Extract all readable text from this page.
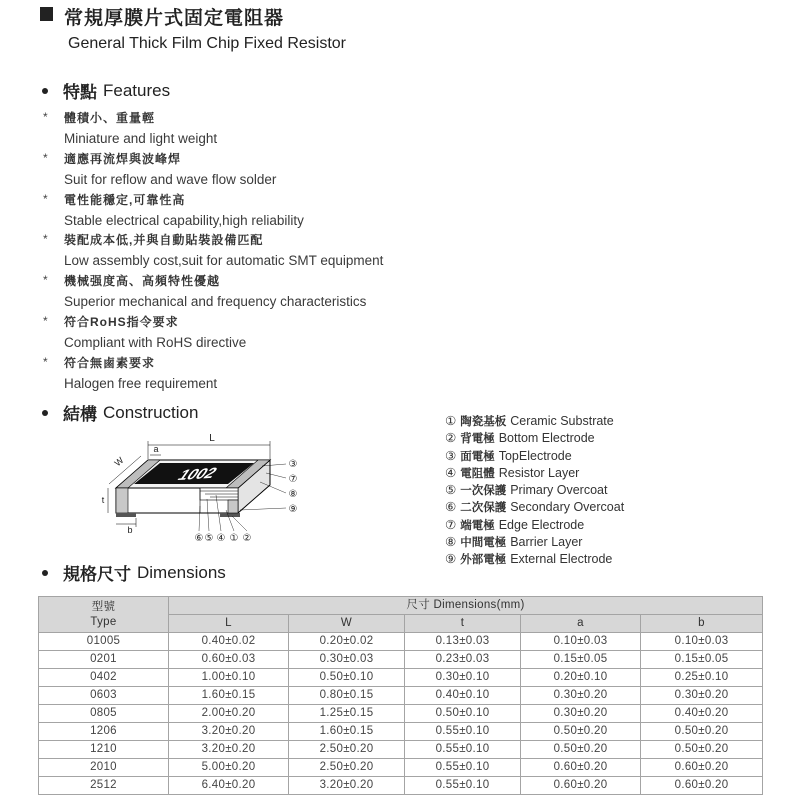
常規厚膜片式固定電阻器
General Thick Film Chip Fixed Resistor
特點 Features
* 體積小、重量輕
Miniature and light weight
* 適應再流焊與波峰焊
Suit for reflow and wave flow solder
* 電性能穩定,可靠性高
Stable electrical capability,high reliability
* 裝配成本低,并與自動貼裝設備匹配
Low assembly cost,suit for automatic SMT equipment
* 機械强度高、高頻特性優越
Superior mechanical and frequency characteristics
* 符合RoHS指令要求
Compliant with RoHS directive
* 符合無鹵素要求
Halogen free requirement
結構 Construction
1002
L
a
W
t
b
③
⑦
⑧
⑨
⑥ ⑤ ④ ① ②
① 陶瓷基板 Ceramic Substrate
② 背電極 Bottom Electrode
③ 面電極 TopElectrode
④ 電阻體 Resistor Layer
⑤ 一次保護 Primary Overcoat
⑥ 二次保護 Secondary Overcoat
⑦ 端電極 Edge Electrode
⑧ 中間電極 Barrier Layer
⑨ 外部電極 External Electrode
規格尺寸 Dimensions
型號
Type	尺寸 Dimensions(mm)				
	L	W	t	a	b
01005	0.40±0.02	0.20±0.02	0.13±0.03	0.10±0.03	0.10±0.03
0201	0.60±0.03	0.30±0.03	0.23±0.03	0.15±0.05	0.15±0.05
0402	1.00±0.10	0.50±0.10	0.30±0.10	0.20±0.10	0.25±0.10
0603	1.60±0.15	0.80±0.15	0.40±0.10	0.30±0.20	0.30±0.20
0805	2.00±0.20	1.25±0.15	0.50±0.10	0.30±0.20	0.40±0.20
1206	3.20±0.20	1.60±0.15	0.55±0.10	0.50±0.20	0.50±0.20
1210	3.20±0.20	2.50±0.20	0.55±0.10	0.50±0.20	0.50±0.20
2010	5.00±0.20	2.50±0.20	0.55±0.10	0.60±0.20	0.60±0.20
2512	6.40±0.20	3.20±0.20	0.55±0.10	0.60±0.20	0.60±0.20
